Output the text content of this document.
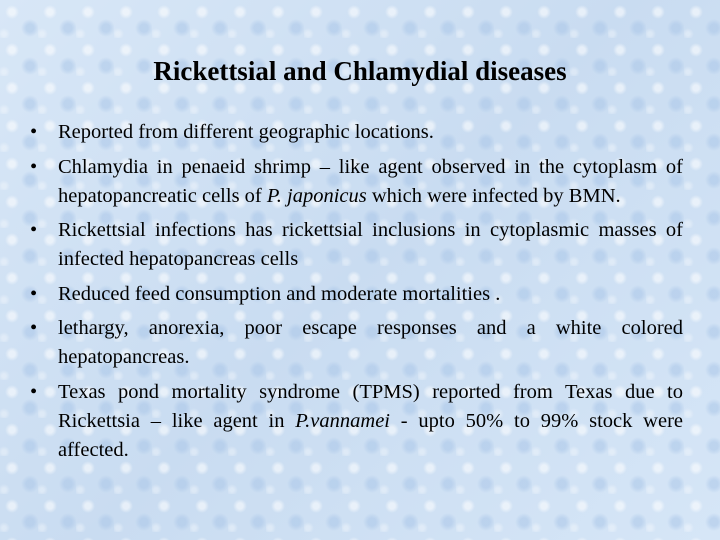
Rickettsial and Chlamydial diseases
•	Reported from different geographic locations.
•	Chlamydia in penaeid shrimp – like agent observed in the cytoplasm of hepatopancreatic cells of P. japonicus which were infected by BMN.
•	Rickettsial infections has rickettsial inclusions in cytoplasmic masses of infected hepatopancreas cells
•	Reduced feed consumption and moderate mortalities .
•	lethargy, anorexia, poor escape responses and a white colored hepatopancreas.
•	Texas pond mortality syndrome (TPMS) reported from Texas due to Rickettsia – like agent in P.vannamei - upto 50% to 99% stock were affected.
